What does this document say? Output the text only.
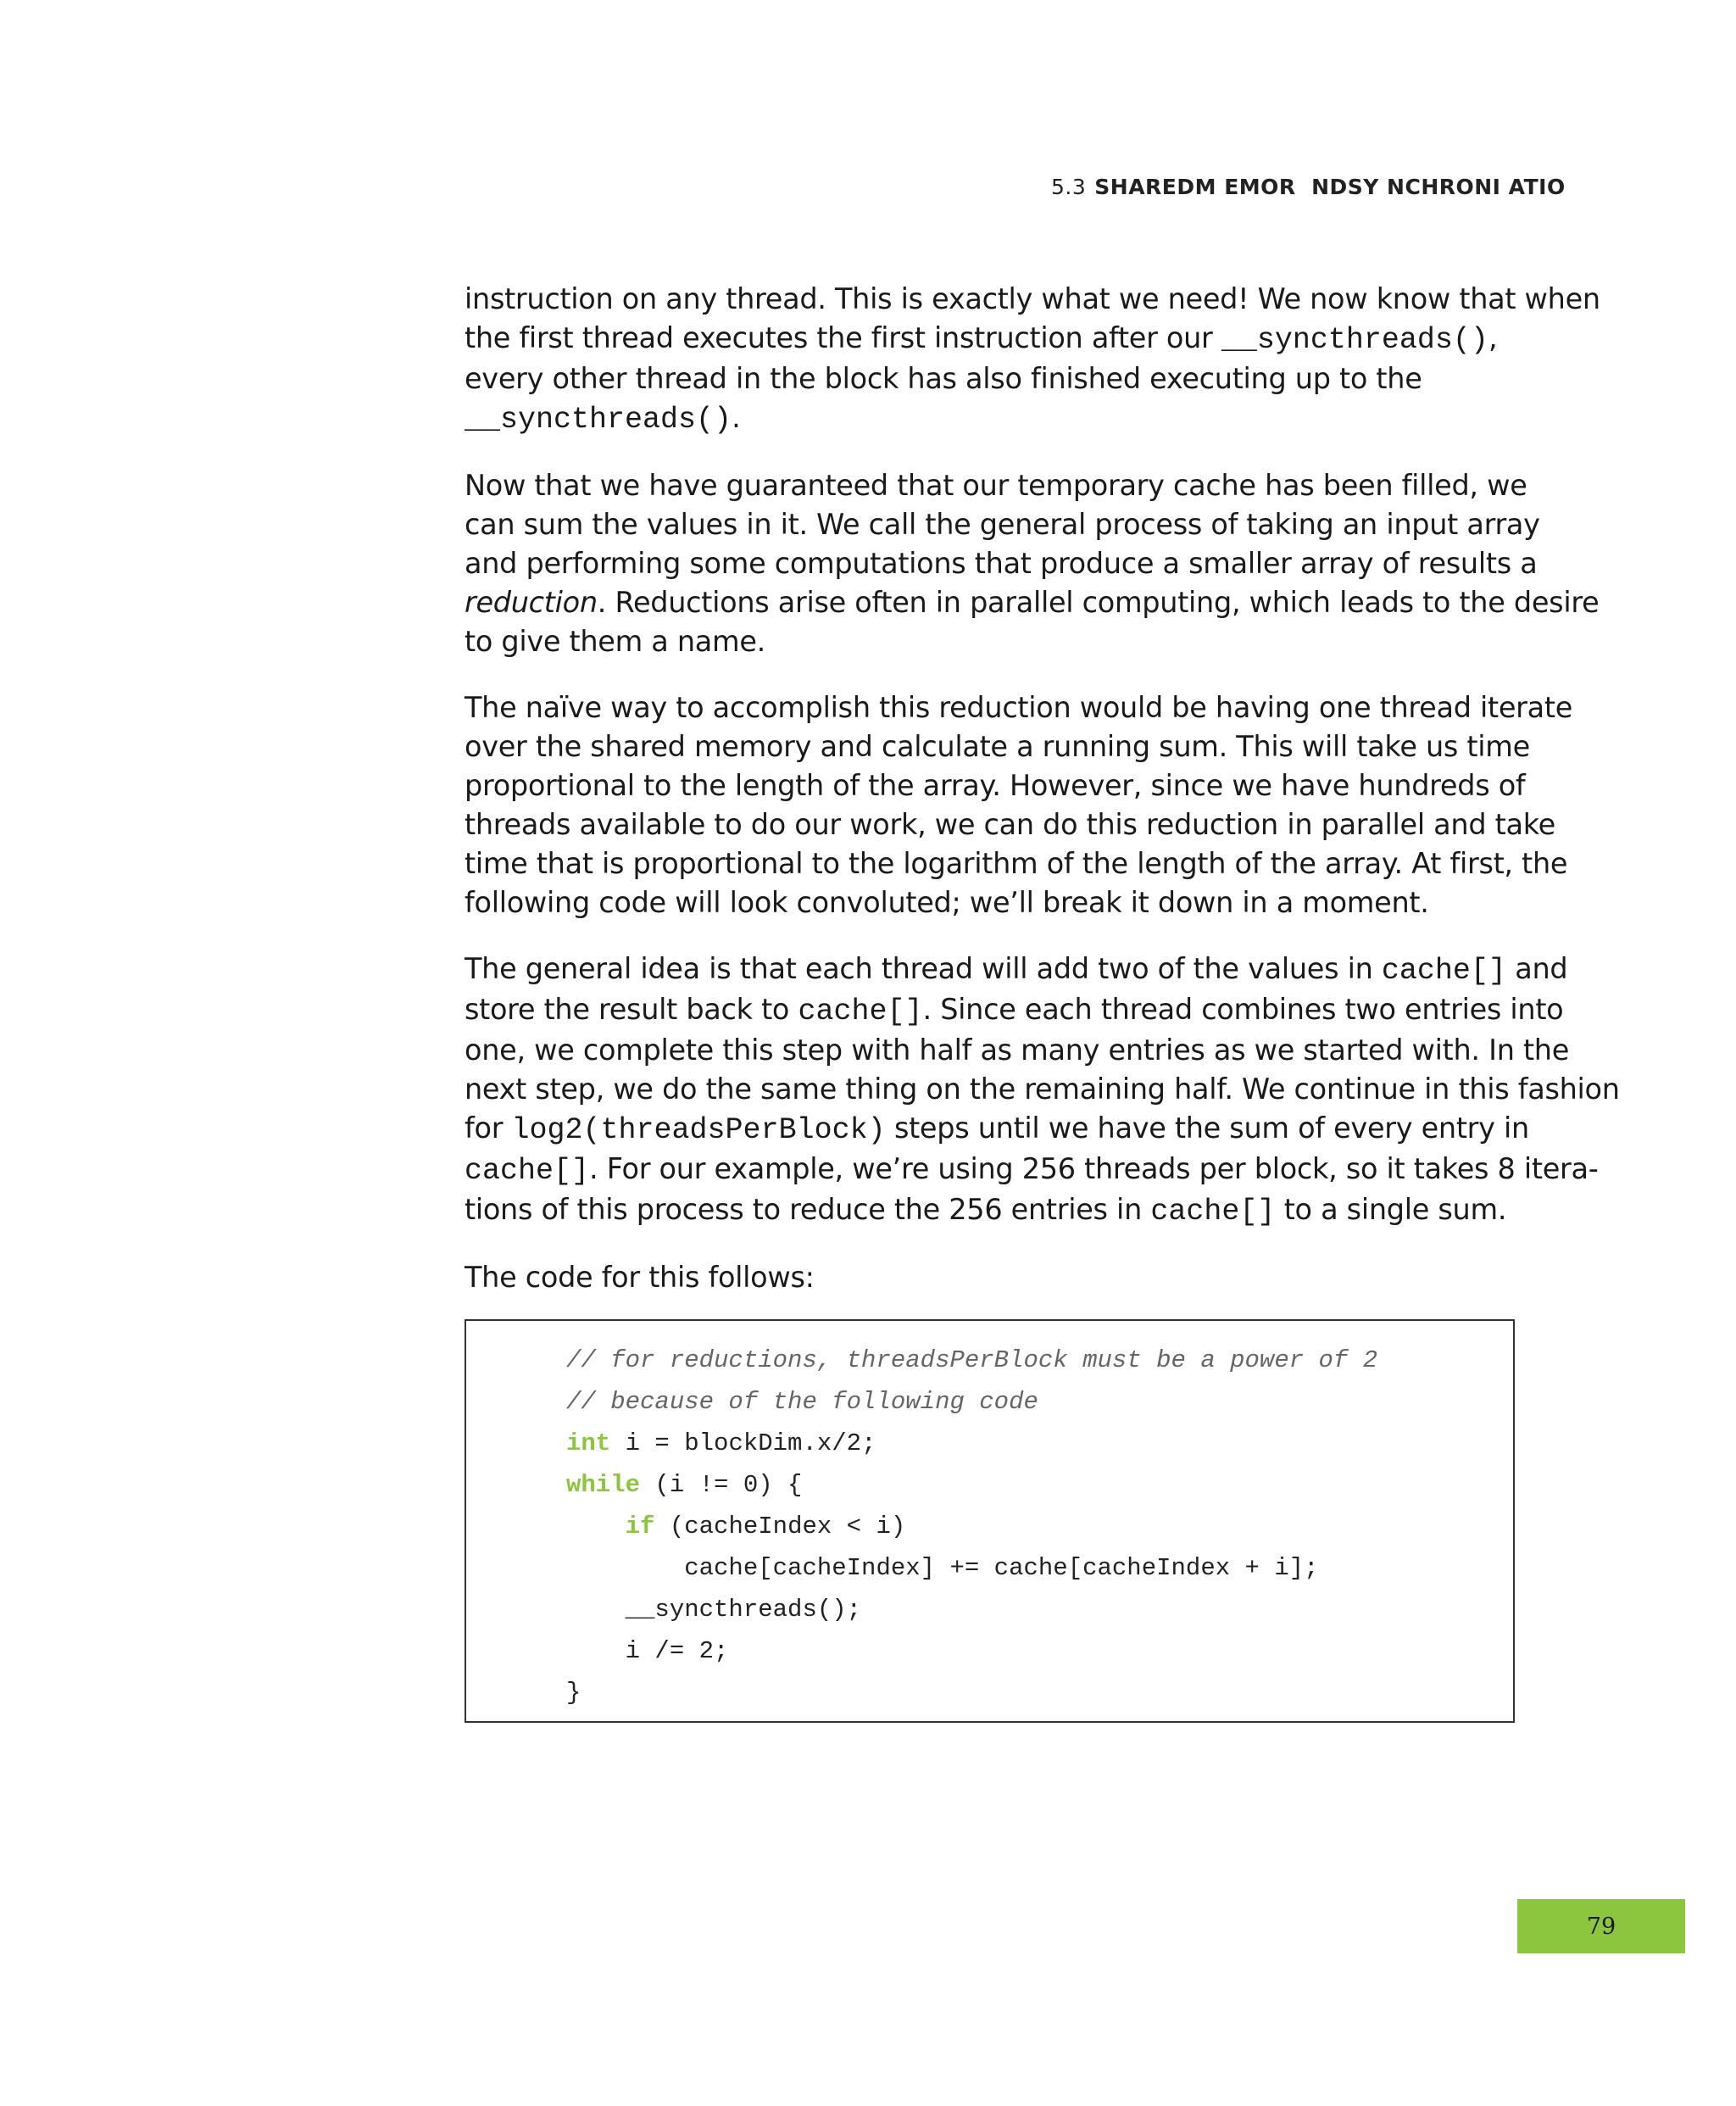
5.3 SHAREDM EMOR  NDSY NCHRONI ATIO

instruction on any thread. This is exactly what we need! We now know that when
the first thread executes the first instruction after our __syncthreads(),
every other thread in the block has also finished executing up to the
__syncthreads().

Now that we have guaranteed that our temporary cache has been filled, we
can sum the values in it. We call the general process of taking an input array
and performing some computations that produce a smaller array of results a
reduction. Reductions arise often in parallel computing, which leads to the desire
to give them a name.

The naïve way to accomplish this reduction would be having one thread iterate
over the shared memory and calculate a running sum. This will take us time
proportional to the length of the array. However, since we have hundreds of
threads available to do our work, we can do this reduction in parallel and take
time that is proportional to the logarithm of the length of the array. At first, the
following code will look convoluted; we’ll break it down in a moment.

The general idea is that each thread will add two of the values in cache[] and
store the result back to cache[]. Since each thread combines two entries into
one, we complete this step with half as many entries as we started with. In the
next step, we do the same thing on the remaining half. We continue in this fashion
for log2(threadsPerBlock) steps until we have the sum of every entry in
cache[]. For our example, we’re using 256 threads per block, so it takes 8 itera-
tions of this process to reduce the 256 entries in cache[] to a single sum.

The code for this follows:

// for reductions, threadsPerBlock must be a power of 2
// because of the following code
int i = blockDim.x/2;
while (i != 0) {
if (cacheIndex < i)
cache[cacheIndex] += cache[cacheIndex + i];
__syncthreads();
i /= 2;
}
79
